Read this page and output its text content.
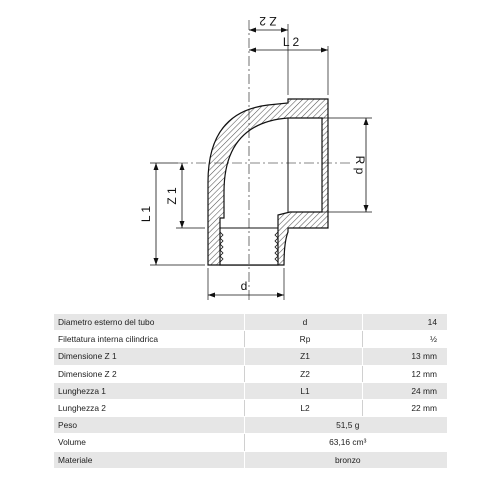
Z 2
L 2
R p
Z 1
L 1
d
Diametro esterno del tubo	d	14
Filettatura interna cilindrica	Rp	½
Dimensione Z 1	Z1	13 mm
Dimensione Z 2	Z2	12 mm
Lunghezza 1	L1	24 mm
Lunghezza 2	L2	22 mm
Peso	51,5 g	
Volume	63,16 cm³	
Materiale	bronzo	
